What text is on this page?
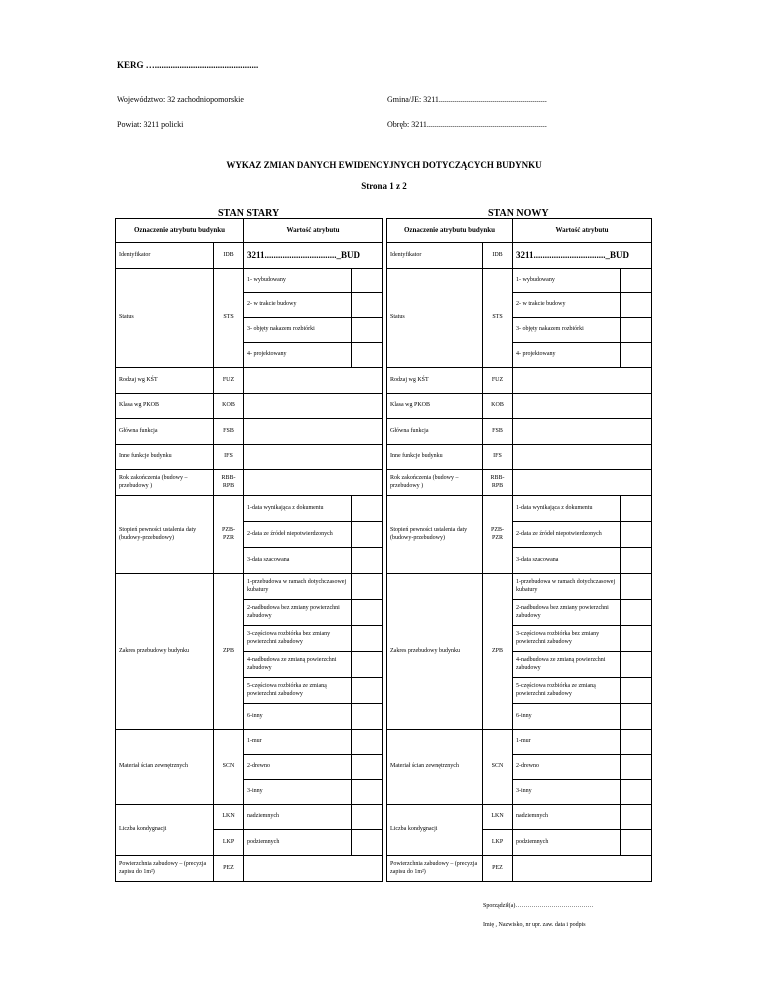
KERG …..............................................
Województwo: 32 zachodniopomorskie	Gmina/JE: 3211......................................................
Powiat: 3211 policki	Obręb: 3211............................................................
WYKAZ ZMIAN DANYCH EWIDENCYJNYCH DOTYCZĄCYCH BUDYNKU
Strona 1 z 2
STAN STARY	STAN NOWY
Oznaczenie atrybutu budynku		Wartość atrybutu	
Identyfikator	IDB	3211................................_BUD	
Status	STS	1- wybudowany	
		2- w trakcie budowy	
		3- objęty nakazem rozbiórki	
		4- projektowany	
Rodzaj wg KŚT	FUZ		
Klasa wg PKOB	KOB		
Główna funkcja	FSB		
Inne funkcje budynku	IFS		
Rok zakończenia (budowy – przebudowy )	RBB-RPB		
Stopień pewności ustalenia daty (budowy-przebudowy)	PZB-PZR	1-data wynikająca z dokumentu	
		2-data ze źródeł niepotwierdzonych	
		3-data szacowana	
Zakres przebudowy budynku	ZPB	1-przebudowa w ramach dotychczasowej kubatury	
		2-nadbudowa bez zmiany powierzchni zabudowy	
		3-częściowa rozbiórka bez zmiany powierzchni zabudowy	
		4-nadbudowa ze zmianą powierzchni zabudowy	
		5-częściowa rozbiórka ze zmianą powierzchni zabudowy	
		6-inny	
Materiał ścian zewnętrznych	SCN	1-mur	
		2-drewno	
		3-inny	
Liczba kondygnacji	LKN	nadziemnych	
	LKP	podziemnych	
Powierzchnia zabudowy – (precyzja zapisu do 1m²)	PEZ		
Oznaczenie atrybutu budynku		Wartość atrybutu	
Identyfikator	IDB	3211................................_BUD	
Status	STS	1- wybudowany	
		2- w trakcie budowy	
		3- objęty nakazem rozbiórki	
		4- projektowany	
Rodzaj wg KŚT	FUZ		
Klasa wg PKOB	KOB		
Główna funkcja	FSB		
Inne funkcje budynku	IFS		
Rok zakończenia (budowy – przebudowy )	RBB-RPB		
Stopień pewności ustalenia daty (budowy-przebudowy)	PZB-PZR	1-data wynikająca z dokumentu	
		2-data ze źródeł niepotwierdzonych	
		3-data szacowana	
Zakres przebudowy budynku	ZPB	1-przebudowa w ramach dotychczasowej kubatury	
		2-nadbudowa bez zmiany powierzchni zabudowy	
		3-częściowa rozbiórka bez zmiany powierzchni zabudowy	
		4-nadbudowa ze zmianą powierzchni zabudowy	
		5-częściowa rozbiórka ze zmianą powierzchni zabudowy	
		6-inny	
Materiał ścian zewnętrznych	SCN	1-mur	
		2-drewno	
		3-inny	
Liczba kondygnacji	LKN	nadziemnych	
	LKP	podziemnych	
Powierzchnia zabudowy – (precyzja zapisu do 1m²)	PEZ		
Sporządził(a)…………………………………
Imię , Nazwisko, nr upr. zaw. data i podpis
